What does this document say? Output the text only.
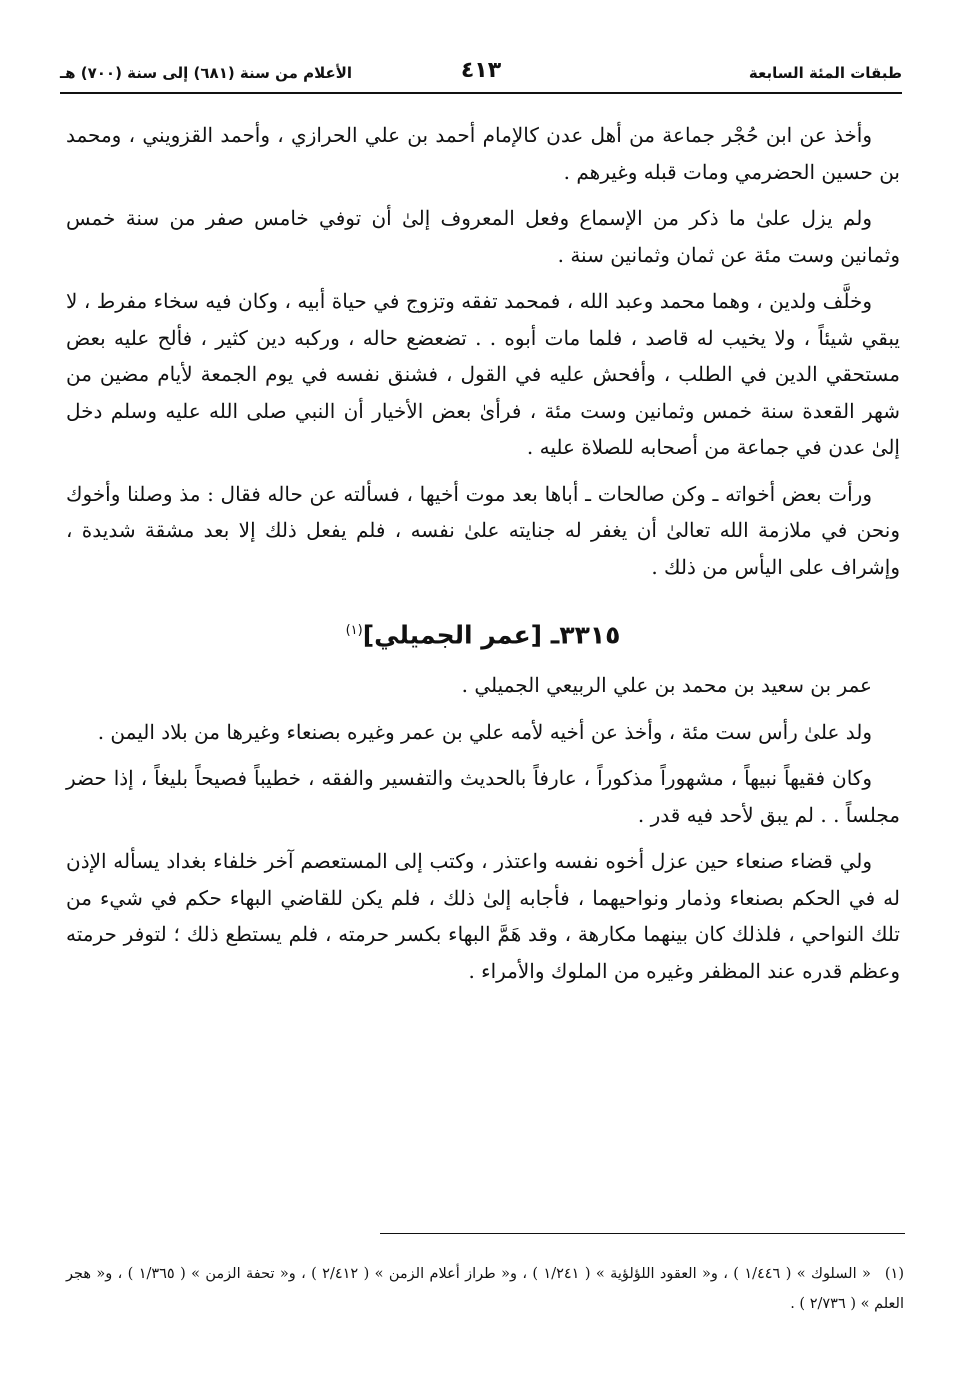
طبقات المئة السابعة
٤١٣
الأعلام من سنة (٦٨١) إلى سنة (٧٠٠) هـ

وأخذ عن ابن حُجْر جماعة من أهل عدن كالإمام أحمد بن علي الحرازي ، وأحمد القزويني ، ومحمد بن حسين الحضرمي ومات قبله وغيرهم .

ولم يزل علىٰ ما ذكر من الإسماع وفعل المعروف إلىٰ أن توفي خامس صفر من سنة خمس وثمانين وست مئة عن ثمان وثمانين سنة .

وخلَّف ولدين ، وهما محمد وعبد الله ، فمحمد تفقه وتزوج في حياة أبيه ، وكان فيه سخاء مفرط ، لا يبقي شيئاً ، ولا يخيب له قاصد ، فلما مات أبوه . . تضعضع حاله ، وركبه دين كثير ، فألح عليه بعض مستحقي الدين في الطلب ، وأفحش عليه في القول ، فشنق نفسه في يوم الجمعة لأيام مضين من شهر القعدة سنة خمس وثمانين وست مئة ، فرأىٰ بعض الأخيار أن النبي صلى الله عليه وسلم دخل إلىٰ عدن في جماعة من أصحابه للصلاة عليه .

ورأت بعض أخواته ـ وكن صالحات ـ أباها بعد موت أخيها ، فسألته عن حاله فقال : مذ وصلنا وأخوك ونحن في ملازمة الله تعالىٰ أن يغفر له جنايته علىٰ نفسه ، فلم يفعل ذلك إلا بعد مشقة شديدة ، وإشراف على اليأس من ذلك .

٣٣١٥ـ [عمر الجميلي]$^{(١)}$

عمر بن سعيد بن محمد بن علي الربيعي الجميلي .

ولد علىٰ رأس ست مئة ، وأخذ عن أخيه لأمه علي بن عمر وغيره بصنعاء وغيرها من بلاد اليمن .

وكان فقيهاً نبيهاً ، مشهوراً مذكوراً ، عارفاً بالحديث والتفسير والفقه ، خطيباً فصيحاً بليغاً ، إذا حضر مجلساً . . لم يبق لأحد فيه قدر .

ولي قضاء صنعاء حين عزل أخوه نفسه واعتذر ، وكتب إلى المستعصم آخر خلفاء بغداد يسأله الإذن له في الحكم بصنعاء وذمار ونواحيهما ، فأجابه إلىٰ ذلك ، فلم يكن للقاضي البهاء حكم في شيء من تلك النواحي ، فلذلك كان بينهما مكارهة ، وقد هَمَّ البهاء بكسر حرمته ، فلم يستطع ذلك ؛ لتوفر حرمته وعظم قدره عند المظفر وغيره من الملوك والأمراء .

(١)« السلوك » ( ١/٤٤٦ ) ، و« العقود اللؤلؤية » ( ١/٢٤١ ) ، و« طراز أعلام الزمن » ( ٢/٤١٢ ) ، و« تحفة الزمن » ( ١/٣٦٥ ) ، و« هجر العلم » ( ٢/٧٣٦ ) .
